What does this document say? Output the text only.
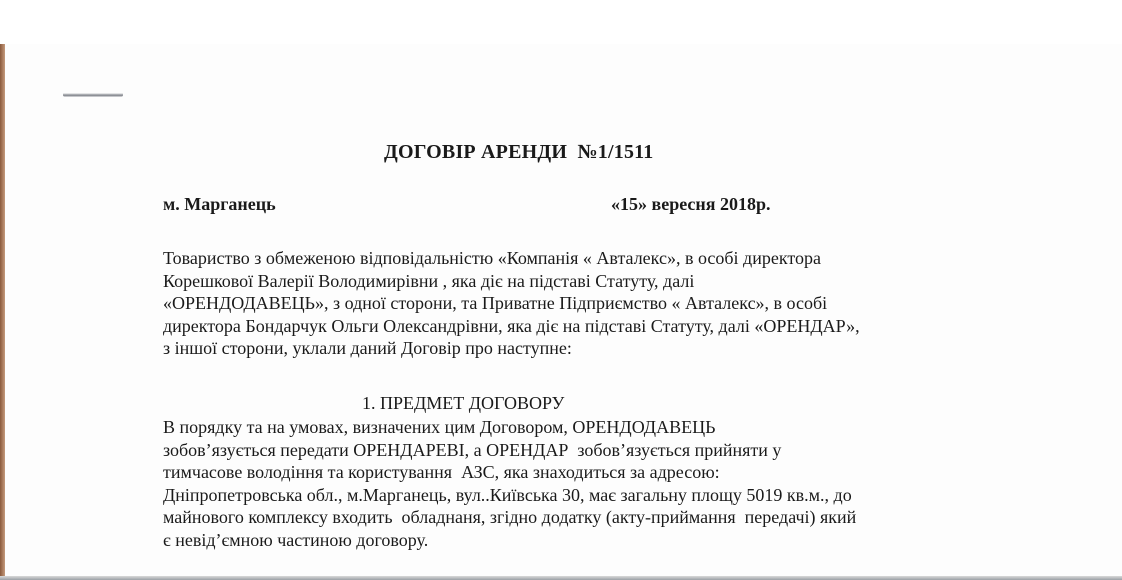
ДОГОВІР АРЕНДИ  №1/1511
м. Марганець	«15» вересня 2018р.
Товариство з обмеженою відповідальністю «Компанія « Авталекс», в особі директора
Корешкової Валерії Володимирівни , яка діє на підставі Статуту, далі
«ОРЕНДОДАВЕЦЬ», з одної сторони, та Приватне Підприємство « Авталекс», в особі
директора Бондарчук Ольги Олександрівни, яка діє на підставі Статуту, далі «ОРЕНДАР»,
з іншої сторони, уклали даний Договір про наступне:
1. ПРЕДМЕТ ДОГОВОРУ
В порядку та на умовах, визначених цим Договором, ОРЕНДОДАВЕЦЬ
зобов’язується передати ОРЕНДАРЕВІ, а ОРЕНДАР  зобов’язується прийняти у
тимчасове володіння та користування  АЗС, яка знаходиться за адресою:
Дніпропетровська обл., м.Марганець, вул..Київська 30, має загальну площу 5019 кв.м., до
майнового комплексу входить  обладнаня, згідно додатку (акту-приймання  передачі) який
є невід’ємною частиною договору.
